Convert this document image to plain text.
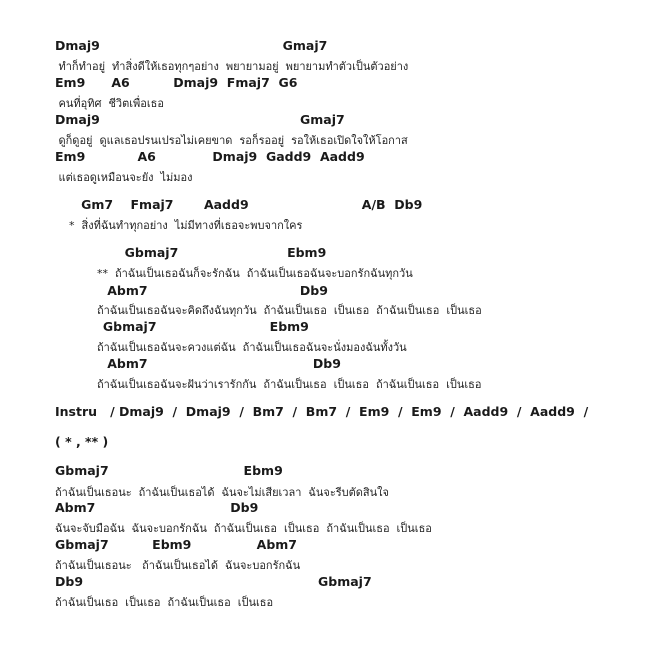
Dmaj9                                          Gmaj7
ทำก็ทำอยู่  ทำสิ่งดีให้เธอทุกๆอย่าง  พยายามอยู่  พยายามทำตัวเป็นตัวอย่าง
Em9      A6          Dmaj9  Fmaj7  G6
คนที่อุทิศ  ชีวิตเพื่อเธอ
Dmaj9                                              Gmaj7
ดูก็ดูอยู่  ดูแลเธอปรนเปรอไม่เคยขาด  รอก็รออยู่  รอให้เธอเปิดใจให้โอกาส
Em9            A6             Dmaj9  Gadd9  Aadd9
แต่เธอดูเหมือนจะยัง  ไม่มอง
Gm7    Fmaj7       Aadd9                          A/B  Db9
*  สิ่งที่ฉันทำทุกอย่าง  ไม่มีทางที่เธอจะพบจากใคร
Gbmaj7                         Ebm9
**  ถ้าฉันเป็นเธอฉันก็จะรักฉัน  ถ้าฉันเป็นเธอฉันจะบอกรักฉันทุกวัน
Abm7                                   Db9
ถ้าฉันเป็นเธอฉันจะคิดถึงฉันทุกวัน  ถ้าฉันเป็นเธอ  เป็นเธอ  ถ้าฉันเป็นเธอ  เป็นเธอ
Gbmaj7                          Ebm9
ถ้าฉันเป็นเธอฉันจะควงแต่ฉัน  ถ้าฉันเป็นเธอฉันจะนั่งมองฉันทั้งวัน
Abm7                                      Db9
ถ้าฉันเป็นเธอฉันจะฝันว่าเรารักกัน  ถ้าฉันเป็นเธอ  เป็นเธอ  ถ้าฉันเป็นเธอ  เป็นเธอ
Instru   / Dmaj9  /  Dmaj9  /  Bm7  /  Bm7  /  Em9  /  Em9  /  Aadd9  /  Aadd9  /
( * , ** )
Gbmaj7                               Ebm9
ถ้าฉันเป็นเธอนะ  ถ้าฉันเป็นเธอได้  ฉันจะไม่เสียเวลา  ฉันจะรีบตัดสินใจ
Abm7                               Db9
ฉันจะจับมือฉัน  ฉันจะบอกรักฉัน  ถ้าฉันเป็นเธอ  เป็นเธอ  ถ้าฉันเป็นเธอ  เป็นเธอ
Gbmaj7          Ebm9               Abm7
ถ้าฉันเป็นเธอนะ   ถ้าฉันเป็นเธอได้  ฉันจะบอกรักฉัน
Db9                                                      Gbmaj7
ถ้าฉันเป็นเธอ  เป็นเธอ  ถ้าฉันเป็นเธอ  เป็นเธอ
